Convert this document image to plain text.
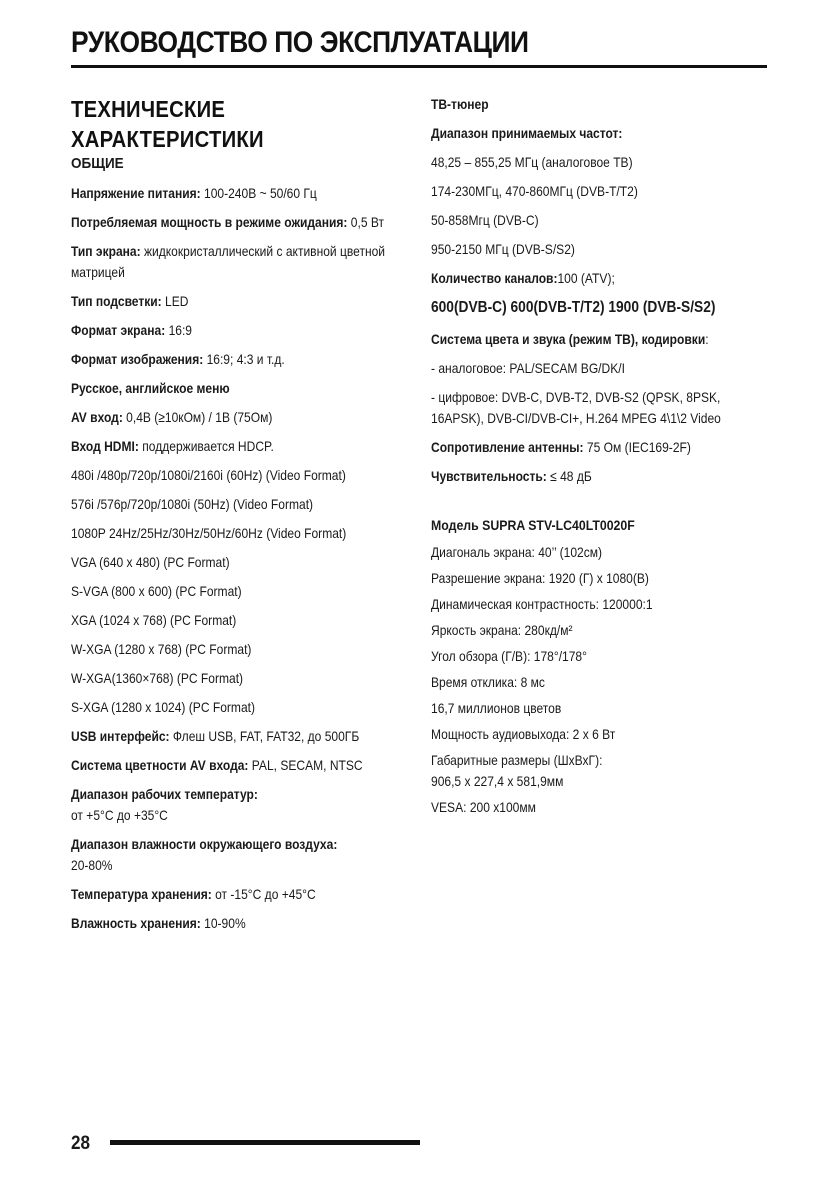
РУКОВОДСТВО ПО ЭКСПЛУАТАЦИИ
ТЕХНИЧЕСКИЕ
ХАРАКТЕРИСТИКИ
ОБЩИЕ
Напряжение питания: 100-240В ~ 50/60 Гц
Потребляемая мощность в режиме ожидания: 0,5 Вт
Тип экрана: жидкокристаллический с активной цветной матрицей
Тип подсветки: LED
Формат экрана: 16:9
Формат изображения: 16:9; 4:3 и т.д.
Русское, английское меню
AV вход: 0,4В (≥10кОм) / 1В (75Ом)
Вход HDMI: поддерживается HDCP.
480i /480p/720p/1080i/2160i (60Hz) (Video Format)
576i /576p/720p/1080i (50Hz) (Video Format)
1080P 24Hz/25Hz/30Hz/50Hz/60Hz (Video Format)
VGA (640 x 480) (PC Format)
S-VGA (800 x 600) (PC Format)
XGA (1024 x 768) (PC Format)
W-XGA (1280 x 768) (PC Format)
W-XGA(1360×768) (PC Format)
S-XGA (1280 x 1024) (PC Format)
USB интерфейс: Флеш USB, FAT, FAT32, до 500ГБ
Система цветности AV входа: PAL, SECAM, NTSC
Диапазон рабочих температур:
от +5°С до +35°С
Диапазон влажности окружающего воздуха:
20-80%
Температура хранения: от -15°С до +45°С
Влажность хранения: 10-90%
ТВ-тюнер
Диапазон принимаемых частот:
48,25 – 855,25 МГц (аналоговое ТВ)
174-230МГц, 470-860МГц (DVB-T/T2)
50-858Мгц (DVB-C)
950-2150 МГц (DVB-S/S2)
Количество каналов:100 (ATV);
600(DVB-C) 600(DVB-T/T2) 1900 (DVB-S/S2)
Система цвета и звука (режим ТВ), кодировки:
- аналоговое: PAL/SECAM BG/DK/I
- цифровое: DVB-C, DVB-T2, DVB-S2 (QPSK, 8PSK, 16APSK), DVB-CI/DVB-CI+, H.264 MPEG 4\1\2 Video
Сопротивление антенны: 75 Ом (IEC169-2F)
Чувствительность: ≤ 48 дБ
Модель SUPRA STV-LC40LT0020F
Диагональ экрана: 40’’ (102см)
Разрешение экрана: 1920 (Г) x 1080(В)
Динамическая контрастность: 120000:1
Яркость экрана: 280кд/м²
Угол обзора (Г/В): 178°/178°
Время отклика: 8 мс
16,7 миллионов цветов
Мощность аудиовыхода: 2 x 6 Вт
Габаритные размеры (ШхВхГ):
906,5 x 227,4 x 581,9мм
VESA: 200 x100мм
28
